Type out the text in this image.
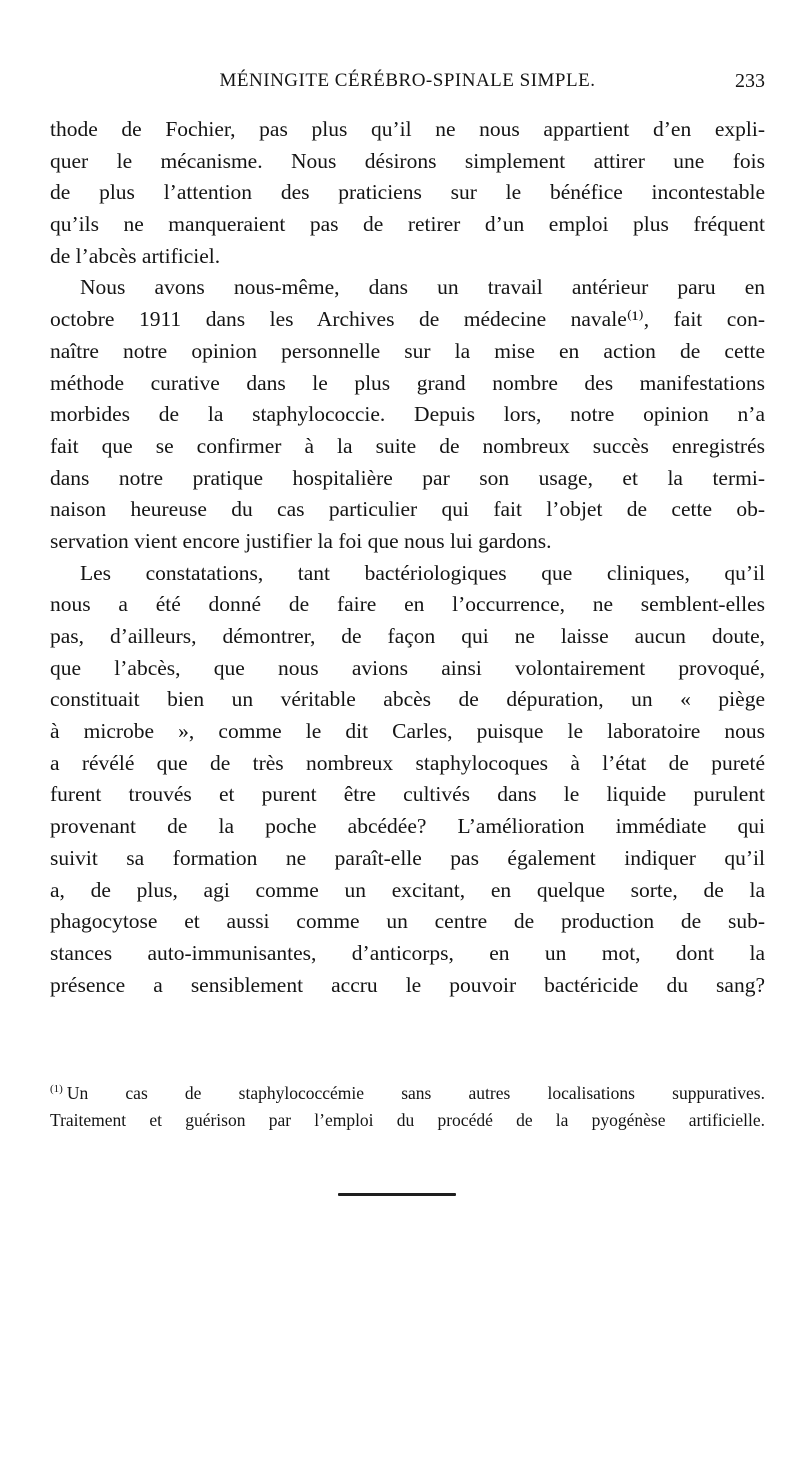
MÉNINGITE CÉRÉBRO-SPINALE SIMPLE.	233

thode de Fochier, pas plus qu’il ne nous appartient d’en expli-
quer le mécanisme. Nous désirons simplement attirer une fois
de plus l’attention des praticiens sur le bénéfice incontestable
qu’ils ne manqueraient pas de retirer d’un emploi plus fréquent
de l’abcès artificiel.

Nous avons nous-même, dans un travail antérieur paru en
octobre 1911 dans les Archives de médecine navale⁽¹⁾, fait con-
naître notre opinion personnelle sur la mise en action de cette
méthode curative dans le plus grand nombre des manifestations
morbides de la staphylococcie. Depuis lors, notre opinion n’a
fait que se confirmer à la suite de nombreux succès enregistrés
dans notre pratique hospitalière par son usage, et la termi-
naison heureuse du cas particulier qui fait l’objet de cette ob-
servation vient encore justifier la foi que nous lui gardons.

Les constatations, tant bactériologiques que cliniques, qu’il
nous a été donné de faire en l’occurrence, ne semblent-elles
pas, d’ailleurs, démontrer, de façon qui ne laisse aucun doute,
que l’abcès, que nous avions ainsi volontairement provoqué,
constituait bien un véritable abcès de dépuration, un « piège
à microbe », comme le dit Carles, puisque le laboratoire nous
a révélé que de très nombreux staphylocoques à l’état de pureté
furent trouvés et purent être cultivés dans le liquide purulent
provenant de la poche abcédée? L’amélioration immédiate qui
suivit sa formation ne paraît-elle pas également indiquer qu’il
a, de plus, agi comme un excitant, en quelque sorte, de la
phagocytose et aussi comme un centre de production de sub-
stances auto-immunisantes, d’anticorps, en un mot, dont la
présence a sensiblement accru le pouvoir bactéricide du sang?

$^{(1)}$ Un cas de staphylococcémie sans autres localisations suppuratives.
Traitement et guérison par l’emploi du procédé de la pyogénèse artificielle.
